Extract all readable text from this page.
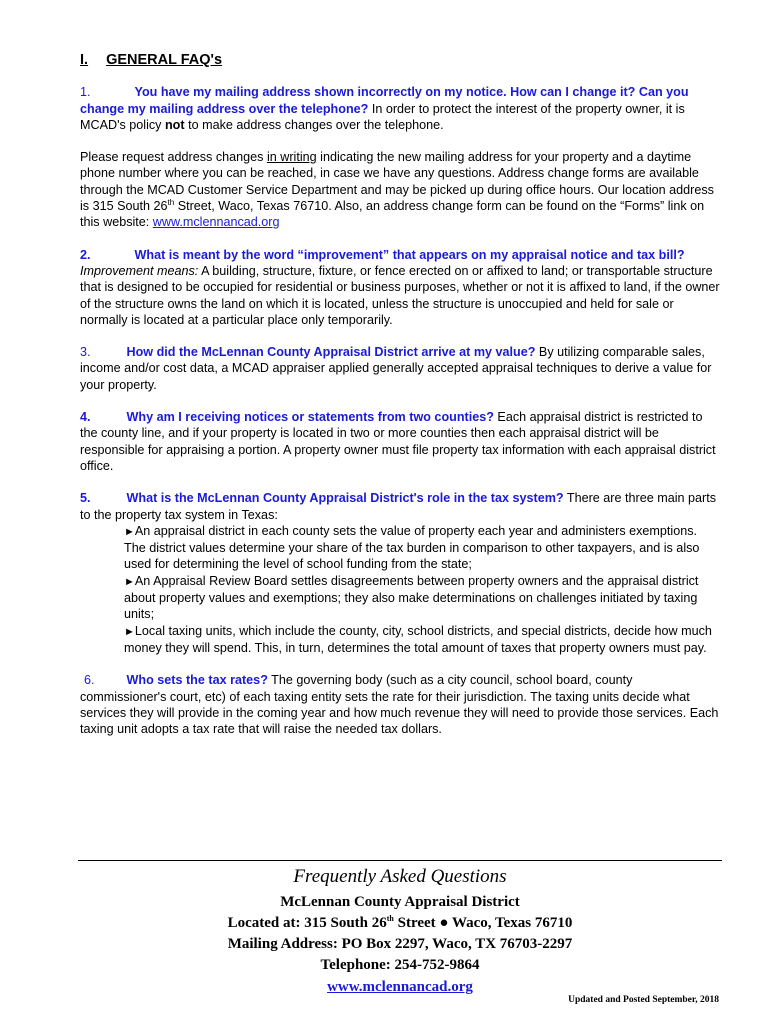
I. GENERAL FAQ's
1.	You have my mailing address shown incorrectly on my notice. How can I change it? Can you change my mailing address over the telephone? In order to protect the interest of the property owner, it is MCAD's policy not to make address changes over the telephone.
Please request address changes in writing indicating the new mailing address for your property and a daytime phone number where you can be reached, in case we have any questions. Address change forms are available through the MCAD Customer Service Department and may be picked up during office hours. Our location address is 315 South 26th Street, Waco, Texas 76710. Also, an address change form can be found on the “Forms” link on this website: www.mclennancad.org
2.	What is meant by the word “improvement” that appears on my appraisal notice and tax bill? Improvement means: A building, structure, fixture, or fence erected on or affixed to land; or transportable structure that is designed to be occupied for residential or business purposes, whether or not it is affixed to land, if the owner of the structure owns the land on which it is located, unless the structure is unoccupied and held for sale or normally is located at a particular place only temporarily.
3.	How did the McLennan County Appraisal District arrive at my value? By utilizing comparable sales, income and/or cost data, a MCAD appraiser applied generally accepted appraisal techniques to derive a value for your property.
4.	Why am I receiving notices or statements from two counties? Each appraisal district is restricted to the county line, and if your property is located in two or more counties then each appraisal district will be responsible for appraising a portion. A property owner must file property tax information with each appraisal district office.
5.	What is the McLennan County Appraisal District's role in the tax system? There are three main parts to the property tax system in Texas:
►An appraisal district in each county sets the value of property each year and administers exemptions. The district values determine your share of the tax burden in comparison to other taxpayers, and is also used for determining the level of school funding from the state;
►An Appraisal Review Board settles disagreements between property owners and the appraisal district about property values and exemptions; they also make determinations on challenges initiated by taxing units;
►Local taxing units, which include the county, city, school districts, and special districts, decide how much money they will spend. This, in turn, determines the total amount of taxes that property owners must pay.
6.	Who sets the tax rates? The governing body (such as a city council, school board, county commissioner's court, etc) of each taxing entity sets the rate for their jurisdiction. The taxing units decide what services they will provide in the coming year and how much revenue they will need to provide those services. Each taxing unit adopts a tax rate that will raise the needed tax dollars.
Frequently Asked Questions
McLennan County Appraisal District
Located at: 315 South 26th Street ● Waco, Texas 76710
Mailing Address: PO Box 2297, Waco, TX 76703-2297
Telephone: 254-752-9864
www.mclennancad.org
Updated and Posted September, 2018
